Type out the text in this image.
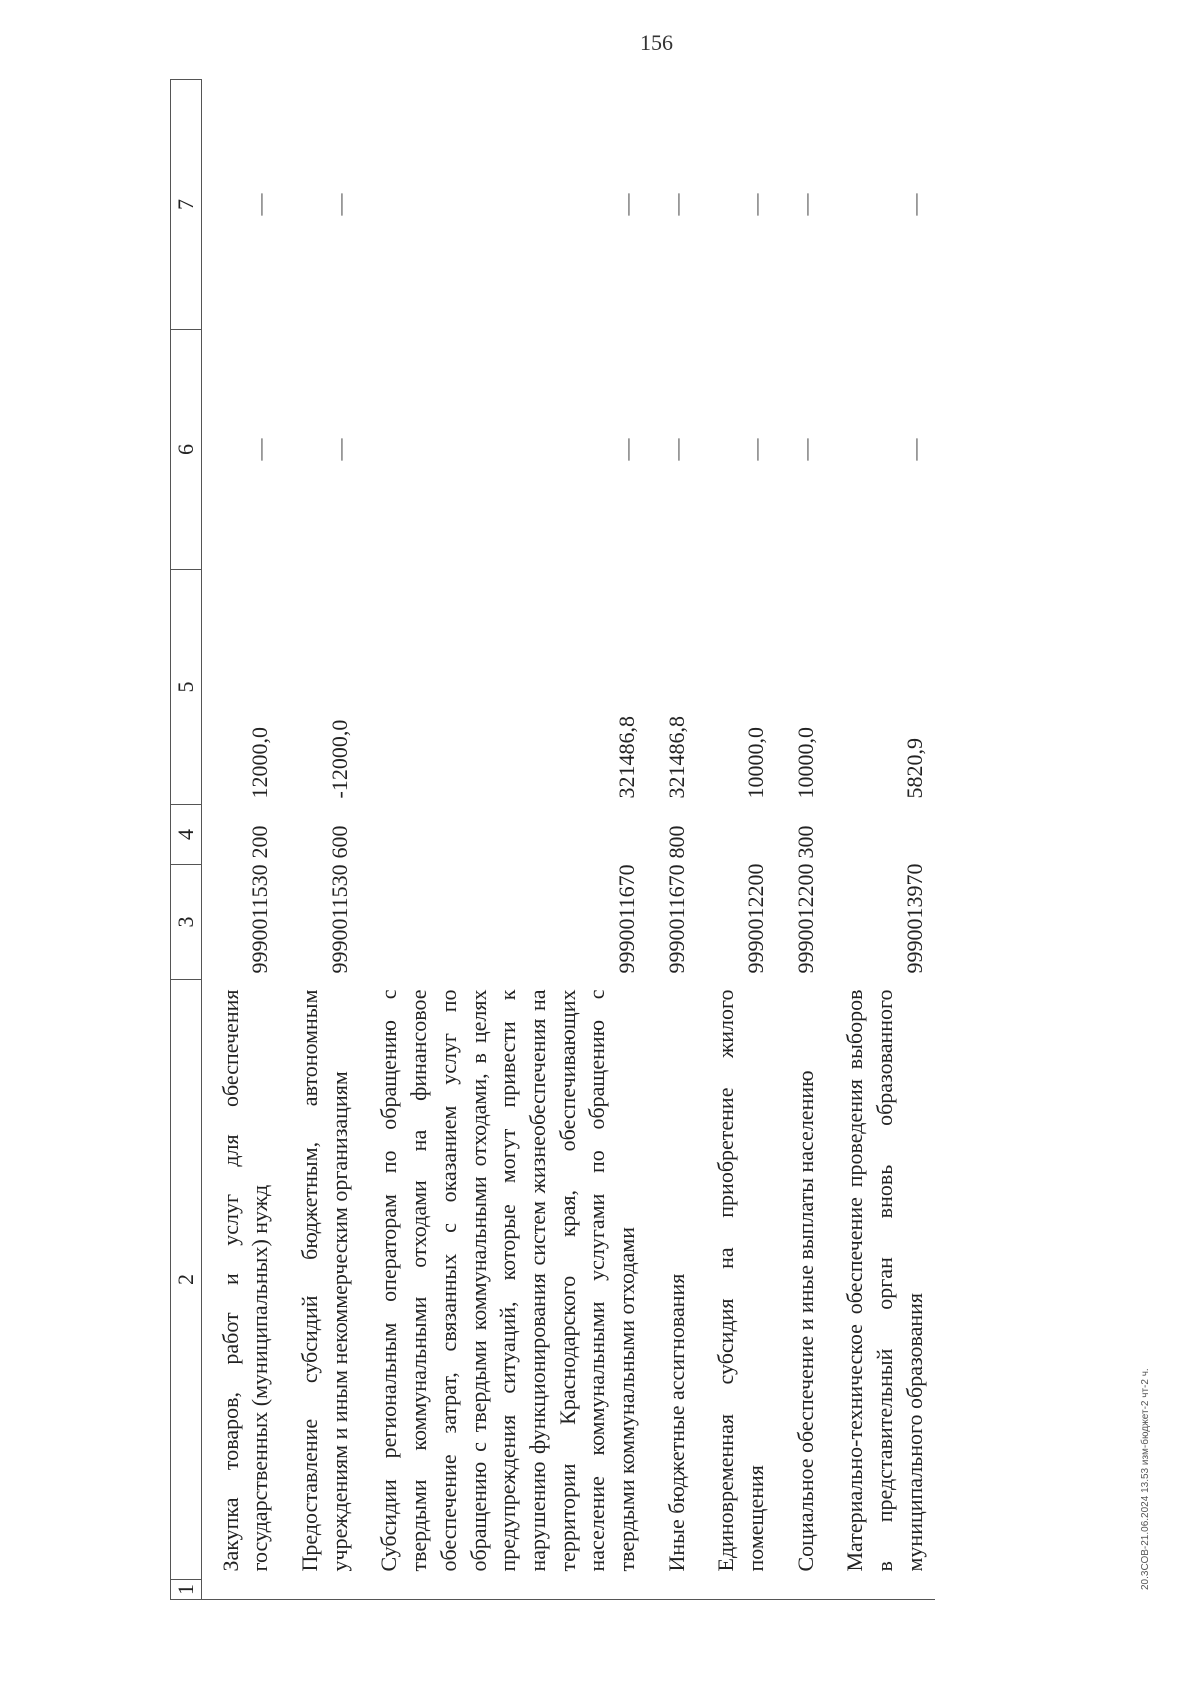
156
1	2	3	4	5	6	7
	Закупка товаров, работ и услуг для обеспечения государственных (муниципальных) нужд	9990011530	200	12000,0	—	—
	Предоставление субсидий бюджетным, автономным учреждениям и иным некоммерческим организациям	9990011530	600	-12000,0	—	—
	Субсидии региональным операторам по обращению с твердыми коммунальными отходами на финансовое обеспечение затрат, связанных с оказанием услуг по обращению с твердыми коммунальными отходами, в целях предупреждения ситуаций, которые могут привести к нарушению функционирования систем жизнеобеспечения на территории Краснодарского края, обеспечивающих население коммунальными услугами по обращению с твердыми коммунальными отходами	9990011670		321486,8	—	—
	Иные бюджетные ассигнования	9990011670	800	321486,8	—	—
	Единовременная субсидия на приобретение жилого помещения	9990012200		10000,0	—	—
	Социальное обеспечение и иные выплаты населению	9990012200	300	10000,0	—	—
	Материально-техническое обеспечение проведения выборов в представительный орган вновь образованного муниципального образования	9990013970		5820,9	—	—
20.3СОВ-21.06.2024 13.53 изм-бюджет-2 чт-2 ч.
